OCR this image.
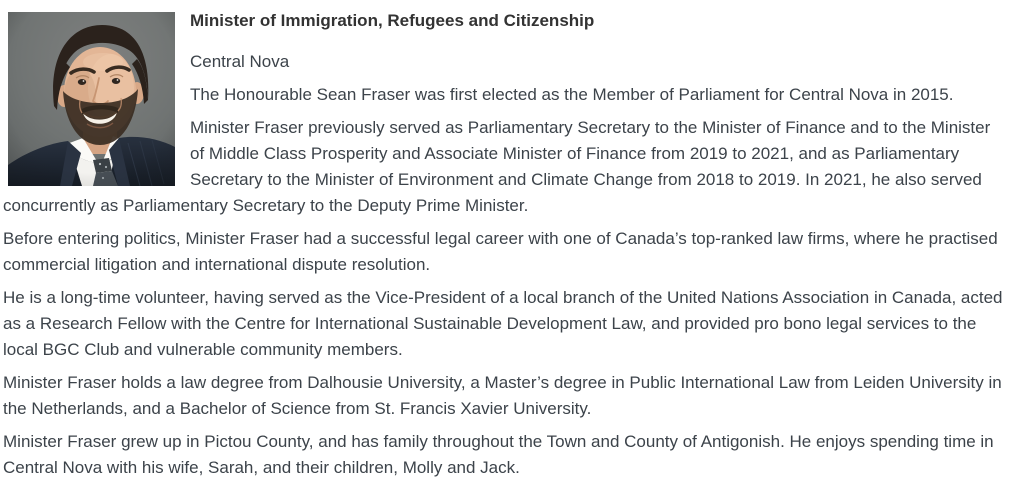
Minister of Immigration, Refugees and Citizenship

Central Nova

The Honourable Sean Fraser was first elected as the Member of Parliament for Central Nova in 2015.

Minister Fraser previously served as Parliamentary Secretary to the Minister of Finance and to the Minister of Middle Class Prosperity and Associate Minister of Finance from 2019 to 2021, and as Parliamentary Secretary to the Minister of Environment and Climate Change from 2018 to 2019. In 2021, he also served concurrently as Parliamentary Secretary to the Deputy Prime Minister.

Before entering politics, Minister Fraser had a successful legal career with one of Canada’s top-ranked law firms, where he practised commercial litigation and international dispute resolution.

He is a long-time volunteer, having served as the Vice-President of a local branch of the United Nations Association in Canada, acted as a Research Fellow with the Centre for International Sustainable Development Law, and provided pro bono legal services to the local BGC Club and vulnerable community members.

Minister Fraser holds a law degree from Dalhousie University, a Master’s degree in Public International Law from Leiden University in the Netherlands, and a Bachelor of Science from St. Francis Xavier University.

Minister Fraser grew up in Pictou County, and has family throughout the Town and County of Antigonish. He enjoys spending time in Central Nova with his wife, Sarah, and their children, Molly and Jack.
